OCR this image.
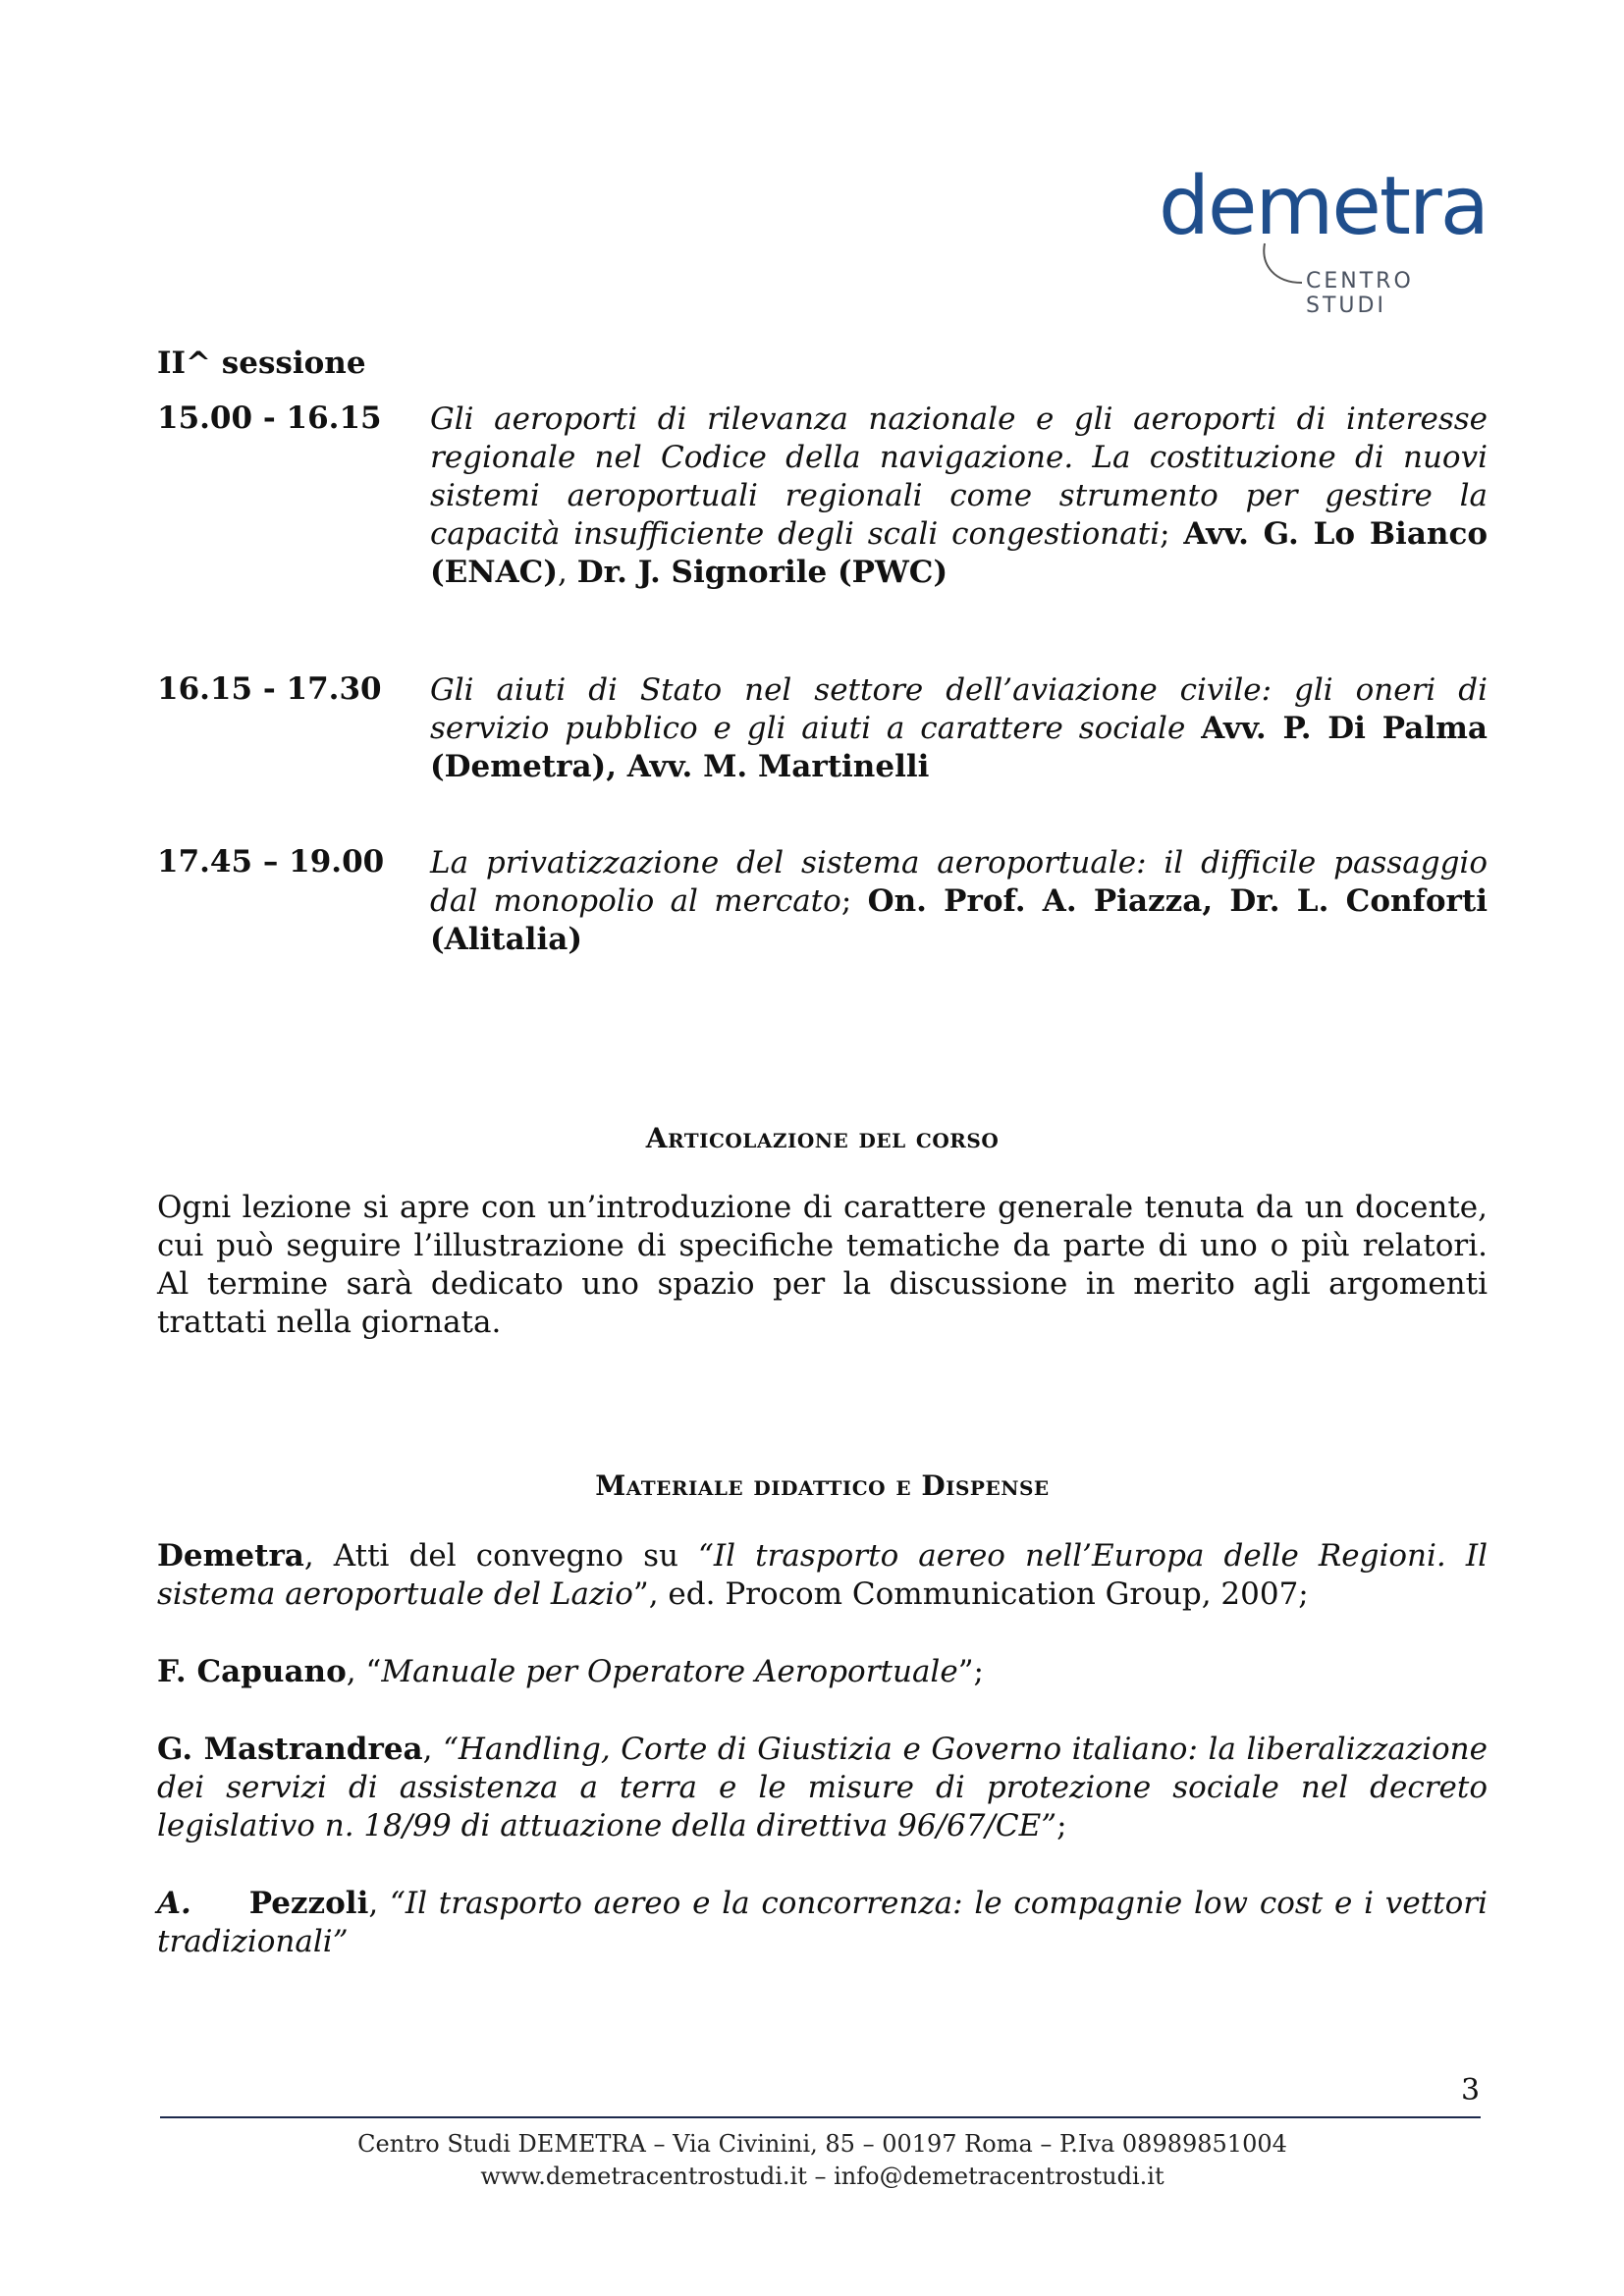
demetra
CENTRO STUDI
II^ sessione
15.00 - 16.15 Gli aeroporti di rilevanza nazionale e gli aeroporti di interesse regionale nel Codice della navigazione. La costituzione di nuovi sistemi aeroportuali regionali come strumento per gestire la capacità insufficiente degli scali congestionati; Avv. G. Lo Bianco (ENAC), Dr. J. Signorile (PWC)
16.15 - 17.30 Gli aiuti di Stato nel settore dell’aviazione civile: gli oneri di servizio pubblico e gli aiuti a carattere sociale Avv. P. Di Palma (Demetra), Avv. M. Martinelli
17.45 – 19.00 La privatizzazione del sistema aeroportuale: il difficile passaggio dal monopolio al mercato; On. Prof. A. Piazza, Dr. L. Conforti (Alitalia)
Articolazione del corso
Ogni lezione si apre con un’introduzione di carattere generale tenuta da un docente, cui può seguire l’illustrazione di specifiche tematiche da parte di uno o più relatori. Al termine sarà dedicato uno spazio per la discussione in merito agli argomenti trattati nella giornata.
Materiale didattico e Dispense
Demetra, Atti del convegno su “Il trasporto aereo nell’Europa delle Regioni. Il sistema aeroportuale del Lazio”, ed. Procom Communication Group, 2007;
F. Capuano, “Manuale per Operatore Aeroportuale”;
G. Mastrandrea, “Handling, Corte di Giustizia e Governo italiano: la liberalizzazione dei servizi di assistenza a terra e le misure di protezione sociale nel decreto legislativo n. 18/99 di attuazione della direttiva 96/67/CE”;
A. Pezzoli, “Il trasporto aereo e la concorrenza: le compagnie low cost e i vettori tradizionali”
3
Centro Studi DEMETRA – Via Civinini, 85 – 00197 Roma – P.Iva 08989851004
www.demetracentrostudi.it – info@demetracentrostudi.it
